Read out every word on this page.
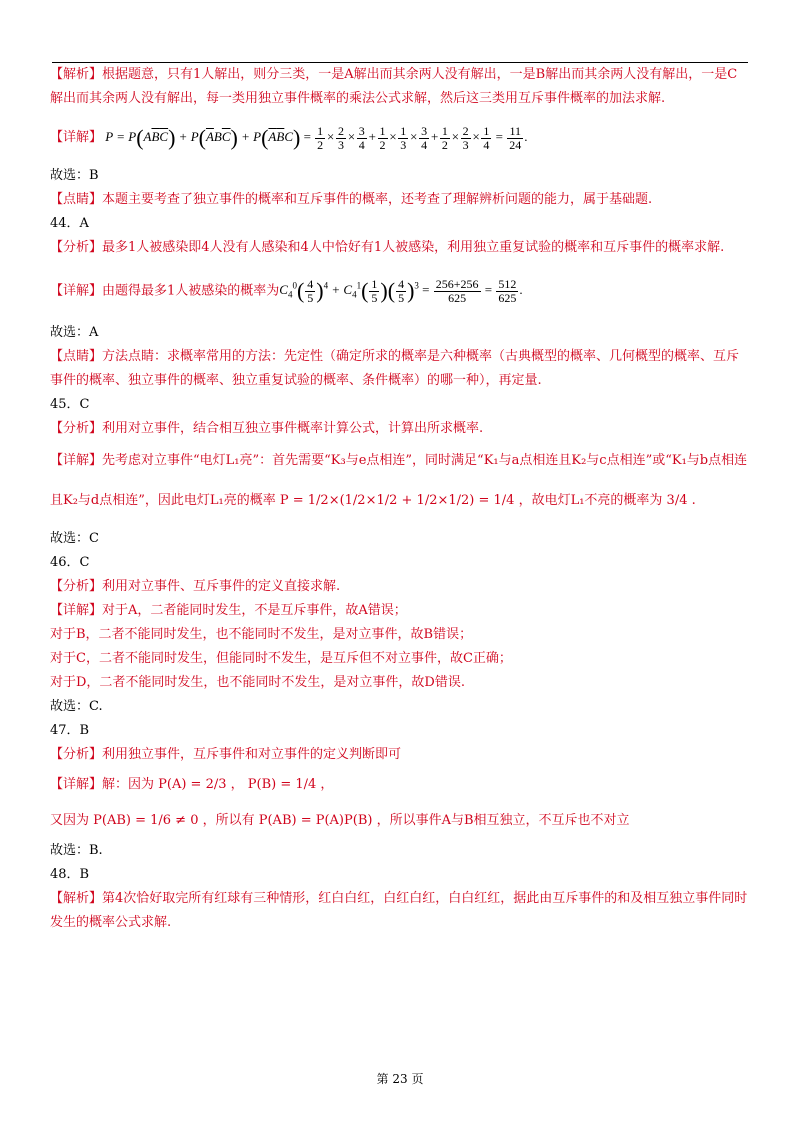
【解析】根据题意，只有1人解出，则分三类，一是A解出而其余两人没有解出，一是B解出而其余两人没有解出，一是C解出而其余两人没有解出，每一类用独立事件概率的乘法公式求解，然后这三类用互斥事件概率的加法求解.

【详解】 $P = P(A\overline{B}\overline{C}) + P(\overline{A}B\overline{C}) + P(\overline{A}\overline{B}C) = \frac{1}{2} \times \frac{2}{3} \times \frac{3}{4} + \frac{1}{2} \times \frac{1}{3} \times \frac{3}{4} + \frac{1}{2} \times \frac{2}{3} \times \frac{1}{4} = \frac{11}{24}$ .

故选：B

【点睛】本题主要考查了独立事件的概率和互斥事件的概率，还考查了理解辨析问题的能力，属于基础题.

44．A

【分析】最多1人被感染即4人没有人感染和4人中恰好有1人被感染，利用独立重复试验的概率和互斥事件的概率求解.

【详解】由题得最多1人被感染的概率为$C_4^0( \frac{4}{5} )^4 + C_4^1( \frac{1}{5}$ )( $\frac{4}{5} )^3 = \frac{256+256}{625} = \frac{512}{625}$ .

故选：A

【点睛】方法点睛：求概率常用的方法：先定性（确定所求的概率是六种概率（古典概型的概率、几何概型的概率、互斥事件的概率、独立事件的概率、独立重复试验的概率、条件概率）的哪一种），再定量.

45．C

【分析】利用对立事件，结合相互独立事件概率计算公式，计算出所求概率.

【详解】先考虑对立事件“电灯L₁亮”：首先需要“K₃与e点相连”，同时满足“K₁与a点相连且K₂与c点相连”或“K₁与b点相连且K₂与d点相连”，因此电灯L₁亮的概率 P = 1/2×(1/2×1/2 + 1/2×1/2) = 1/4 ，故电灯L₁不亮的概率为 3/4 .

故选：C

46．C

【分析】利用对立事件、互斥事件的定义直接求解.

【详解】对于A，二者能同时发生，不是互斥事件，故A错误；

对于B，二者不能同时发生，也不能同时不发生，是对立事件，故B错误；

对于C，二者不能同时发生，但能同时不发生，是互斥但不对立事件，故C正确；

对于D，二者不能同时发生，也不能同时不发生，是对立事件，故D错误.

故选：C.

47．B

【分析】利用独立事件，互斥事件和对立事件的定义判断即可

【详解】解：因为 P(A) = 2/3 ， P(B) = 1/4 ，

又因为 P(AB) = 1/6 ≠ 0 ，所以有 P(AB) = P(A)P(B) ，所以事件A与B相互独立，不互斥也不对立

故选：B.

48．B

【解析】第4次恰好取完所有红球有三种情形，红白白红，白红白红，白白红红，据此由互斥事件的和及相互独立事件同时发生的概率公式求解.

第 23 页
